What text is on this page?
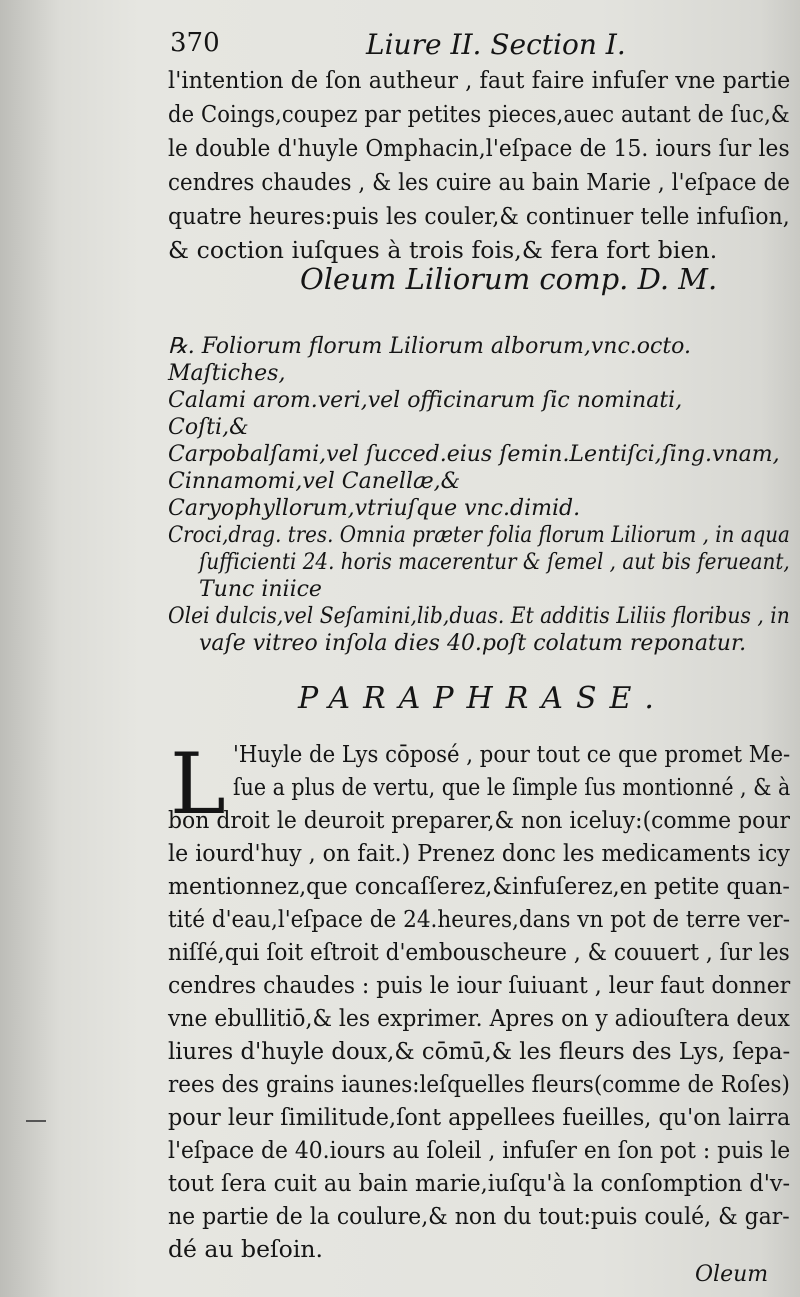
370	Liure II. Section I.
l'intention de ſon autheur , faut faire infuſer vne partie
de Coings,coupez par petites pieces,auec autant de ſuc,&
le double d'huyle Omphacin,l'eſpace de 15. iours ſur les
cendres chaudes , & les cuire au bain Marie , l'eſpace de
quatre heures:puis les couler,& continuer telle infuſion,
& coction iuſques à trois fois,& fera fort bien.
Oleum Liliorum comp. D. M.
℞. Foliorum florum Liliorum alborum,vnc.octo.
Maſtiches,
Calami arom.veri,vel officinarum ſic nominati,
Coſti,&
Carpobalſami,vel ſucced.eius ſemin.Lentiſci,ſing.vnam,
Cinnamomi,vel Canellæ,&
Caryophyllorum,vtriuſque vnc.dimid.
Croci,drag. tres. Omnia præter folia florum Liliorum , in aqua
ſufficienti 24. horis macerentur & ſemel , aut bis ferueant,
Tunc iniice
Olei dulcis,vel Seſamini,lib,duas. Et additis Liliis floribus , in
vaſe vitreo inſola dies 40.poſt colatum reponatur.
PARAPHRASE.
L 'Huyle de Lys cōposé , pour tout ce que promet Me-
ſue a plus de vertu, que le ſimple ſus montionné , & à
bon droit le deuroit preparer,& non iceluy:(comme pour
le iourd'huy , on fait.) Prenez donc les medicaments icy
mentionnez,que concaſſerez,&infuſerez,en petite quan-
tité d'eau,l'eſpace de 24.heures,dans vn pot de terre ver-
niſſé,qui ſoit eſtroit d'embouscheure , & couuert , ſur les
cendres chaudes : puis le iour ſuiuant , leur faut donner
vne ebullitiō,& les exprimer. Apres on y adiouſtera deux
liures d'huyle doux,& cōmū,& les fleurs des Lys, ſepa-
rees des grains iaunes:leſquelles fleurs(comme de Roſes)
pour leur ſimilitude,ſont appellees fueilles, qu'on lairra
l'eſpace de 40.iours au ſoleil , infuſer en ſon pot : puis le
tout ſera cuit au bain marie,iuſqu'à la conſomption d'v-
ne partie de la coulure,& non du tout:puis coulé, & gar-
dé au beſoin.
Oleum
